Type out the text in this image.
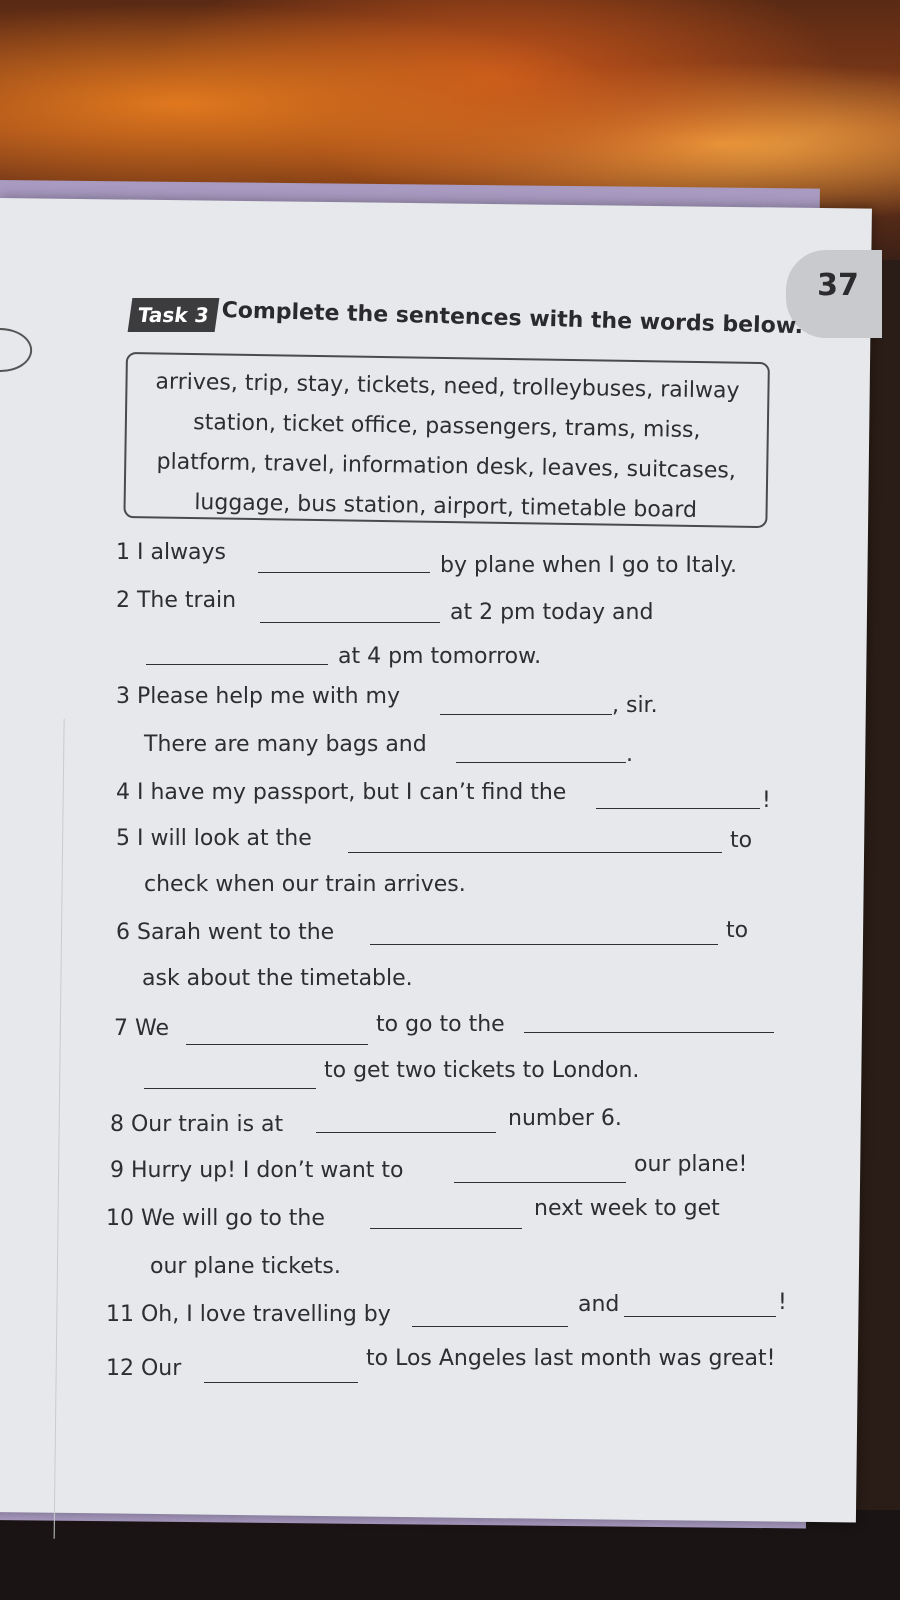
37
Task 3 Complete the sentences with the words below.
arrives, trip, stay, tickets, need, trolleybuses, railway
station, ticket office, passengers, trams, miss,
platform, travel, information desk, leaves, suitcases,
luggage, bus station, airport, timetable board
1 I always
by plane when I go to Italy.
2 The train	at 2 pm today and
at 4 pm tomorrow.
3 Please help me with my	, sir.
There are many bags and	.
4 I have my passport, but I can’t find the	!
5 I will look at the	to
check when our train arrives.
6 Sarah went to the	to
ask about the timetable.
7 We	to go to the
to get two tickets to London.
8 Our train is at	number 6.
9 Hurry up! I don’t want to	our plane!
10 We will go to the	next week to get
our plane tickets.
11 Oh, I love travelling by	and	!
12 Our	to Los Angeles last month was great!
